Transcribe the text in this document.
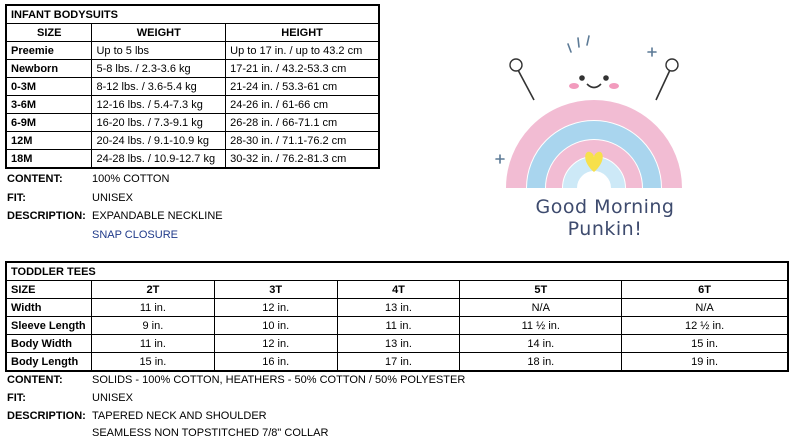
INFANT BODYSUITS		
SIZE	WEIGHT	HEIGHT
Preemie	Up to 5 lbs	Up to 17 in. / up to 43.2 cm
Newborn	5-8 lbs. / 2.3-3.6 kg	17-21 in. / 43.2-53.3 cm
0-3M	8-12 lbs. / 3.6-5.4 kg	21-24 in. / 53.3-61 cm
3-6M	12-16 lbs. / 5.4-7.3 kg	24-26 in. / 61-66 cm
6-9M	16-20 lbs. / 7.3-9.1 kg	26-28 in. / 66-71.1 cm
12M	20-24 lbs. / 9.1-10.9 kg	28-30 in. / 71.1-76.2 cm
18M	24-28 lbs. / 10.9-12.7 kg	30-32 in. / 76.2-81.3 cm
CONTENT:	100% COTTON
FIT:	UNISEX
DESCRIPTION: EXPANDABLE NECKLINE
SNAP CLOSURE
Good Morning Punkin!
TODDLER TEES					
SIZE	2T	3T	4T	5T	6T
Width	11 in.	12 in.	13 in.	N/A	N/A
Sleeve Length	9 in.	10 in.	11 in.	11 ½ in.	12 ½ in.
Body Width	11 in.	12 in.	13 in.	14 in.	15 in.
Body Length	15 in.	16 in.	17 in.	18 in.	19 in.
CONTENT:	SOLIDS - 100% COTTON, HEATHERS - 50% COTTON / 50% POLYESTER
FIT:	UNISEX
DESCRIPTION: TAPERED NECK AND SHOULDER
SEAMLESS NON TOPSTITCHED 7/8" COLLAR
